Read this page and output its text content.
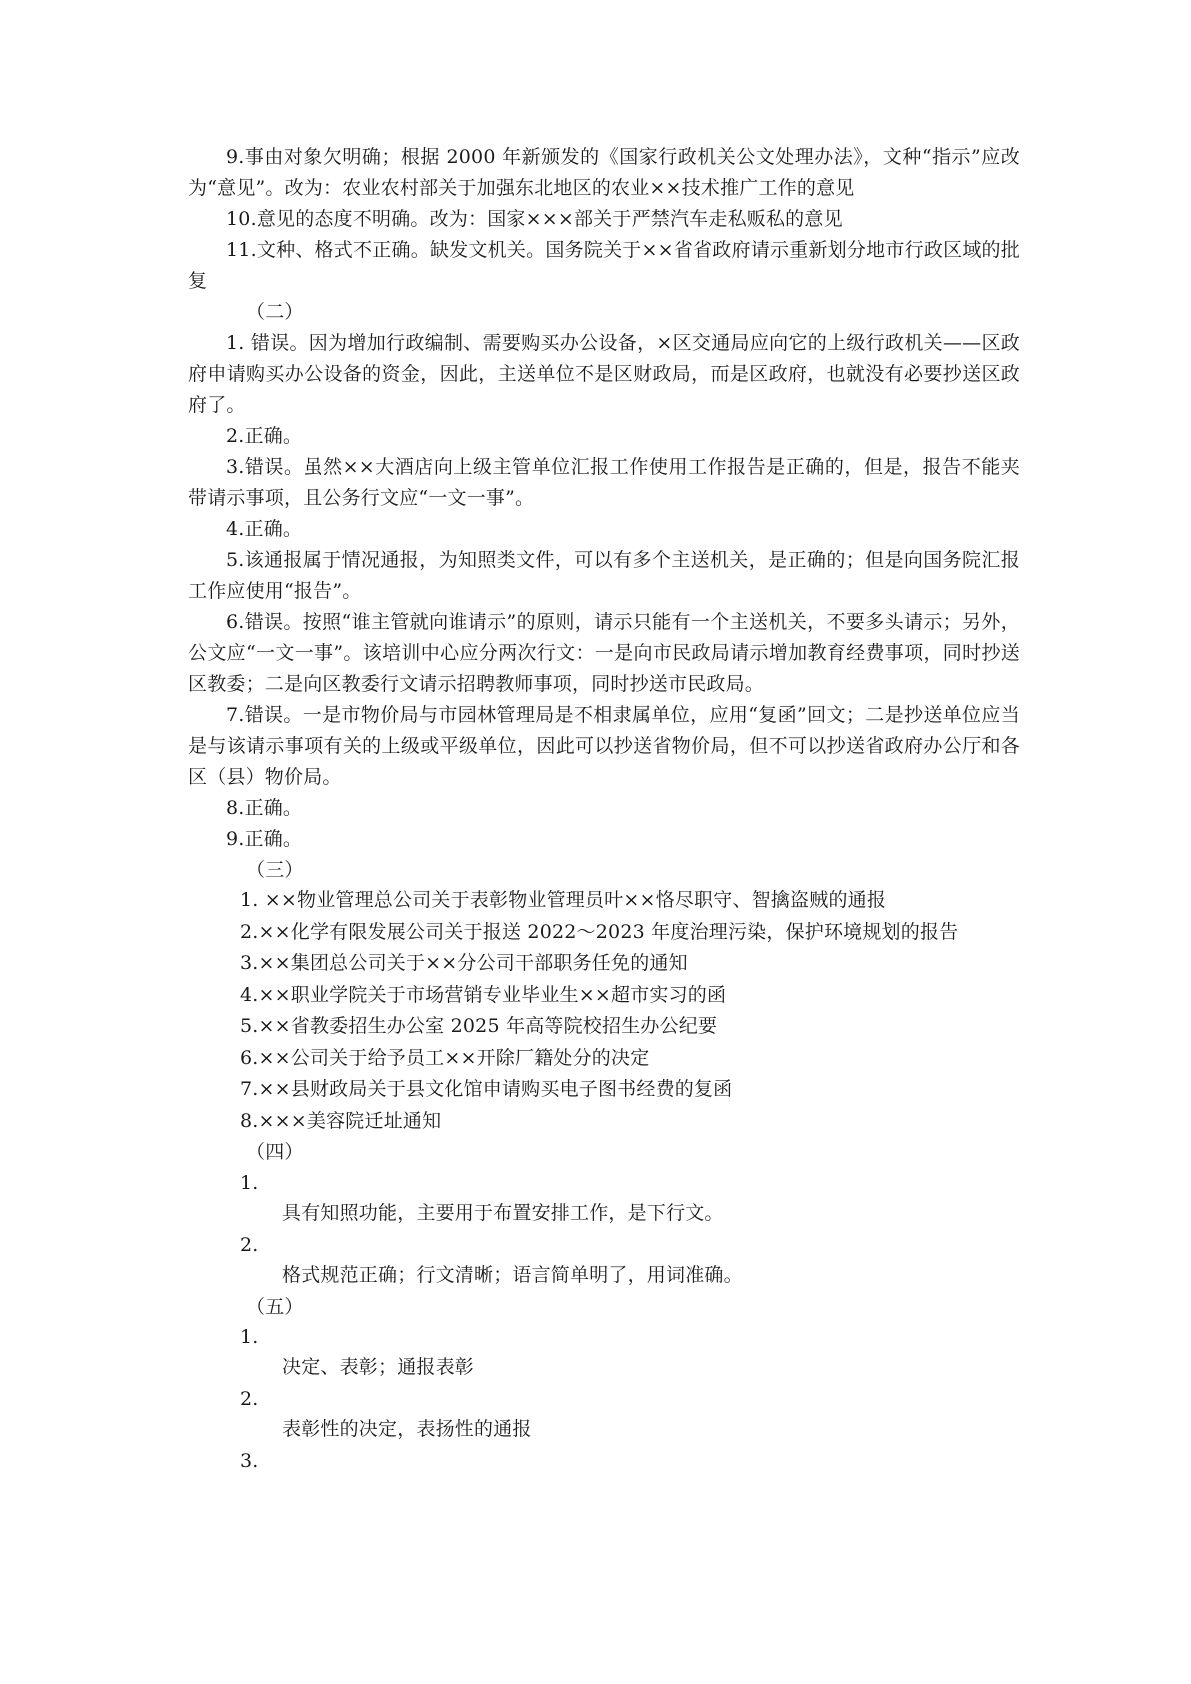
9.事由对象欠明确；根据 2000 年新颁发的《国家行政机关公文处理办法》，文种“指示”应改为“意见”。改为：农业农村部关于加强东北地区的农业××技术推广工作的意见

10.意见的态度不明确。改为：国家×××部关于严禁汽车走私贩私的意见

11.文种、格式不正确。缺发文机关。国务院关于××省省政府请示重新划分地市行政区域的批复

（二）

1. 错误。因为增加行政编制、需要购买办公设备，×区交通局应向它的上级行政机关——区政府申请购买办公设备的资金，因此，主送单位不是区财政局，而是区政府，也就没有必要抄送区政府了。

2.正确。

3.错误。虽然××大酒店向上级主管单位汇报工作使用工作报告是正确的，但是，报告不能夹带请示事项，且公务行文应“一文一事”。

4.正确。

5.该通报属于情况通报，为知照类文件，可以有多个主送机关，是正确的；但是向国务院汇报工作应使用“报告”。

6.错误。按照“谁主管就向谁请示”的原则，请示只能有一个主送机关，不要多头请示；另外，公文应“一文一事”。该培训中心应分两次行文：一是向市民政局请示增加教育经费事项，同时抄送区教委；二是向区教委行文请示招聘教师事项，同时抄送市民政局。

7.错误。一是市物价局与市园林管理局是不相隶属单位，应用“复函”回文；二是抄送单位应当是与该请示事项有关的上级或平级单位，因此可以抄送省物价局，但不可以抄送省政府办公厅和各区（县）物价局。

8.正确。

9.正确。

（三）

1. ××物业管理总公司关于表彰物业管理员叶××恪尽职守、智擒盗贼的通报

2.××化学有限发展公司关于报送 2022～2023 年度治理污染，保护环境规划的报告

3.××集团总公司关于××分公司干部职务任免的通知

4.××职业学院关于市场营销专业毕业生××超市实习的函

5.××省教委招生办公室 2025 年高等院校招生办公纪要

6.××公司关于给予员工××开除厂籍处分的决定

7.××县财政局关于县文化馆申请购买电子图书经费的复函

8.×××美容院迁址通知

（四）

1.

具有知照功能，主要用于布置安排工作，是下行文。

2.

格式规范正确；行文清晰；语言简单明了，用词准确。

（五）

1.

决定、表彰；通报表彰

2.

表彰性的决定，表扬性的通报

3.
